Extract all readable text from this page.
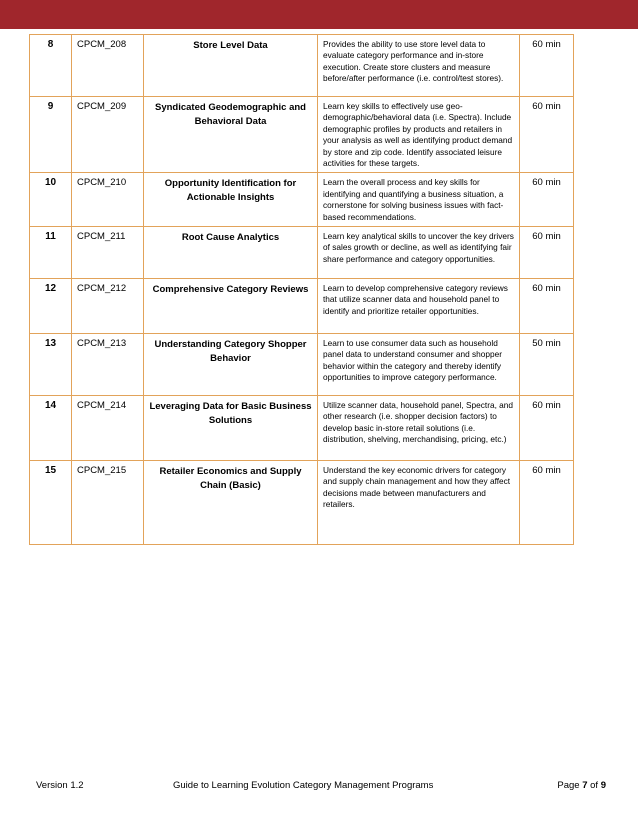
8	CPCM_208	Store Level Data	Provides the ability to use store level data to evaluate category performance and in-store execution. Create store clusters and measure before/after performance (i.e. control/test stores).	60 min
9	CPCM_209	Syndicated Geodemographic and Behavioral Data	Learn key skills to effectively use geo-demographic/behavioral data (i.e. Spectra). Include demographic profiles by products and retailers in your analysis as well as identifying product demand by store and zip code. Identify associated leisure activities for these targets.	60 min
10	CPCM_210	Opportunity Identification for Actionable Insights	Learn the overall process and key skills for identifying and quantifying a business situation, a cornerstone for solving business issues with fact-based recommendations.	60 min
11	CPCM_211	Root Cause Analytics	Learn key analytical skills to uncover the key drivers of sales growth or decline, as well as identifying fair share performance and category opportunities.	60 min
12	CPCM_212	Comprehensive Category Reviews	Learn to develop comprehensive category reviews that utilize scanner data and household panel to identify and prioritize retailer opportunities.	60 min
13	CPCM_213	Understanding Category Shopper Behavior	Learn to use consumer data such as household panel data to understand consumer and shopper behavior within the category and thereby identify opportunities to improve category performance.	50 min
14	CPCM_214	Leveraging Data for Basic Business Solutions	Utilize scanner data, household panel, Spectra, and other research (i.e. shopper decision factors) to develop basic in-store retail solutions (i.e. distribution, shelving, merchandising, pricing, etc.)	60 min
15	CPCM_215	Retailer Economics and Supply Chain (Basic)	Understand the key economic drivers for category and supply chain management and how they affect decisions made between manufacturers and retailers.	60 min
Version 1.2	Guide to Learning Evolution Category Management Programs	Page 7 of 9
